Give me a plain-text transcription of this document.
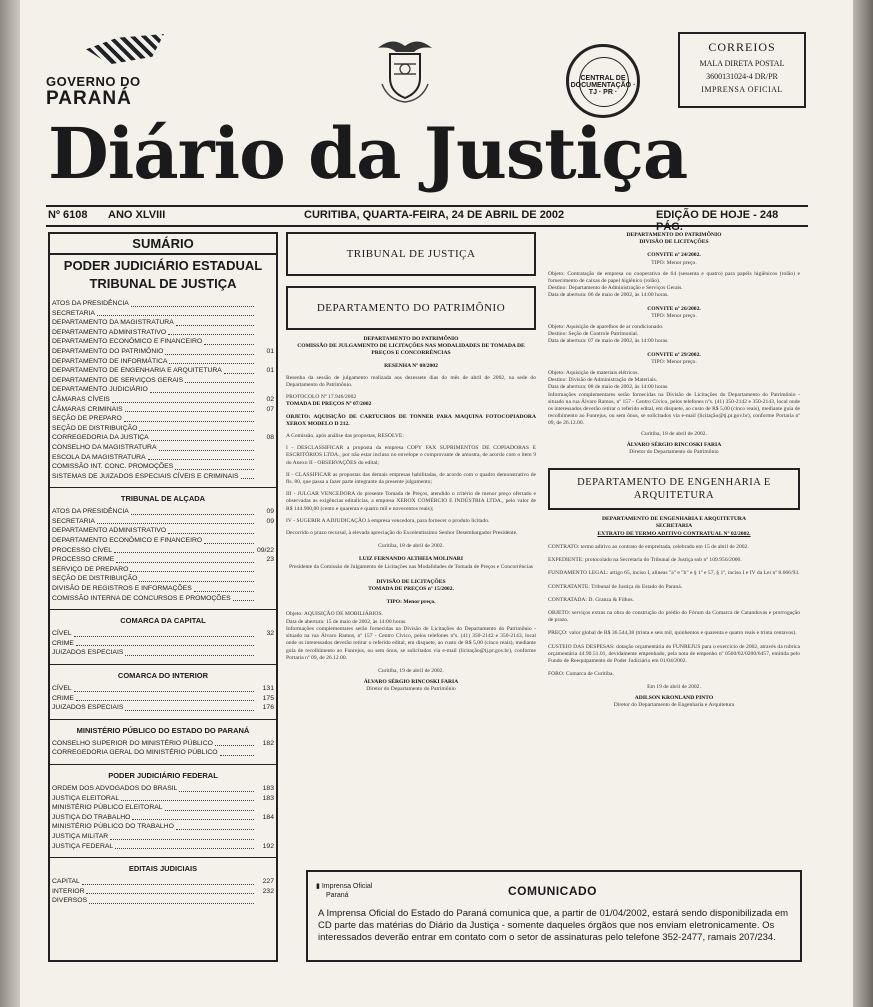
GOVERNO DO
PARANÁ
CENTRAL DE DOCUMENTAÇÃO · TJ · PR ·
CORREIOS
MALA DIRETA POSTAL
3600131024-4 DR/PR
IMPRENSA OFICIAL
Diário da Justiça
Nº 6108 ANO XLVIII	CURITIBA, QUARTA-FEIRA, 24 DE ABRIL DE 2002	EDIÇÃO DE HOJE - 248 PÁG.
SUMÁRIO
PODER JUDICIÁRIO ESTADUAL
TRIBUNAL DE JUSTIÇA
ATOS DA PRESIDÊNCIA
SECRETARIA
DEPARTAMENTO DA MAGISTRATURA
DEPARTAMENTO ADMINISTRATIVO
DEPARTAMENTO ECONÔMICO E FINANCEIRO
DEPARTAMENTO DO PATRIMÔNIO	01
DEPARTAMENTO DE INFORMÁTICA
DEPARTAMENTO DE ENGENHARIA E ARQUITETURA	01
DEPARTAMENTO DE SERVIÇOS GERAIS
DEPARTAMENTO JUDICIÁRIO
CÂMARAS CÍVEIS	02
CÂMARAS CRIMINAIS	07
SEÇÃO DE PREPARO
SEÇÃO DE DISTRIBUIÇÃO
CORREGEDORIA DA JUSTIÇA	08
CONSELHO DA MAGISTRATURA
ESCOLA DA MAGISTRATURA
COMISSÃO INT. CONC. PROMOÇÕES
SISTEMAS DE JUIZADOS ESPECIAIS CÍVEIS E CRIMINAIS
TRIBUNAL DE ALÇADA
ATOS DA PRESIDÊNCIA	09
SECRETARIA	09
DEPARTAMENTO ADMINISTRATIVO
DEPARTAMENTO ECONÔMICO E FINANCEIRO
PROCESSO CÍVEL	09/22
PROCESSO CRIME	23
SERVIÇO DE PREPARO
SEÇÃO DE DISTRIBUIÇÃO
DIVISÃO DE REGISTROS E INFORMAÇÕES
COMISSÃO INTERNA DE CONCURSOS E PROMOÇÕES
COMARCA DA CAPITAL
CÍVEL	32
CRIME
JUIZADOS ESPECIAIS
COMARCA DO INTERIOR
CÍVEL	131
CRIME	175
JUIZADOS ESPECIAIS	176
MINISTÉRIO PÚBLICO DO ESTADO DO PARANÁ
CONSELHO SUPERIOR DO MINISTÉRIO PÚBLICO	182
CORREGEDORIA GERAL DO MINISTÉRIO PÚBLICO
PODER JUDICIÁRIO FEDERAL
ORDEM DOS ADVOGADOS DO BRASIL	183
JUSTIÇA ELEITORAL	183
MINISTÉRIO PÚBLICO ELEITORAL
JUSTIÇA DO TRABALHO	184
MINISTÉRIO PÚBLICO DO TRABALHO
JUSTIÇA MILITAR
JUSTIÇA FEDERAL	192
EDITAIS JUDICIAIS
CAPITAL	227
INTERIOR	232
DIVERSOS
TRIBUNAL DE JUSTIÇA
DEPARTAMENTO DO PATRIMÔNIO
DEPARTAMENTO DO PATRIMÔNIO
COMISSÃO DE JULGAMENTO DE LICITAÇÕES NAS MODALIDADES DE TOMADA DE PREÇOS E CONCORRÊNCIAS
RESENHA Nº 08/2002
Resenha da sessão de julgamento realizada aos dezessete dias do mês de abril de 2002, na sede do Departamento do Patrimônio.
PROTOCOLO Nº 17.946/2002
TOMADA DE PREÇOS Nº 07/2002
OBJETO: AQUISIÇÃO DE CARTUCHOS DE TONNER PARA MAQUINA FOTOCOPIADORA XEROX MODELO D 212.
A Comissão, após análise das propostas, RESOLVE:
I - DESCLASSIFICAR a proposta da empresa COPY FAX SUPRIMENTOS DE COPIADORAS E ESCRITÓRIOS LTDA., por não estar incluso no envelope o comprovante de amostra, de acordo com o item 9 do Anexo II - OBSERVAÇÕES do edital;
II - CLASSIFICAR as propostas das demais empresas habilitadas, de acordo com o quadro demonstrativo de fls. 80, que passa a fazer parte integrante da presente julgamento;
III - JULGAR VENCEDORA do presente Tomada de Preços, atendido o critério de menor preço ofertado e observadas as exigências editalícias, a empresa XEROX COMÉRCIO E INDÚSTRIA LTDA., pelo valor de R$ 144.900,00 (cento e quarenta e quatro mil e novecentos reais);
IV - SUGERIR A ADJUDICAÇÃO à empresa vencedora, para fornecer o produto licitado.
Decorrido o prazo recursal, à elevada apreciação do Excelentíssimo Senhor Desembargador Presidente.
Curitiba, 18 de abril de 2002.
LUIZ FERNANDO ALTHEIA MOLINARI
Presidente da Comissão de Julgamento de Licitações nas Modalidades de Tomada de Preços e Concorrências
DIVISÃO DE LICITAÇÕES
TOMADA DE PREÇOS nº 15/2002.
TIPO: Menor preço.
Objeto: AQUISIÇÃO DE MOBILIÁRIOS.
Data de abertura: 15 de maio de 2002, às 14:00 horas.
Informações complementares serão fornecidas na Divisão de Licitações do Departamento do Patrimônio - situado na rua Álvaro Ramos, nº 157 - Centro Cívico, pelos telefones nºs. (41) 350-2142 e 350-2143, local onde os interessados deverão retirar o referido edital, em disquete, ao custo de R$ 5,00 (cinco reais), mediante guia de recolhimento ao Funrejus, ou sem ônus, se solicitados via e-mail (licitação@tj.pr.gov.br), conforme Portaria nº 09, de 26.12.00.
Curitiba, 19 de abril de 2002.
ÁLVARO SÉRGIO RINCOSKI FARIA
Diretor do Departamento do Patrimônio
DEPARTAMENTO DO PATRIMÔNIO
DIVISÃO DE LICITAÇÕES
CONVITE nº 24/2002.
TIPO: Menor preço.
Objeto: Contratação de empresa ou cooperativa de 64 (sessenta e quatro) para papéis higiênicos (rolão) e fornecimento de caixas de papel higiênico (rolão).
Destino: Departamento de Administração e Serviços Gerais.
Data de abertura: 06 de maio de 2002, às 14:00 horas.
CONVITE nº 26/2002.
TIPO: Menor preço.
Objeto: Aquisição de aparelhos de ar condicionado.
Destino: Seção de Controle Patrimonial.
Data de abertura: 07 de maio de 2002, às 14:00 horas.
CONVITE nº 29/2002.
TIPO: Menor preço.
Objeto: Aquisição de materiais elétricos.
Destino: Divisão de Administração de Materiais.
Data de abertura: 08 de maio de 2002, às 14:00 horas.
Informações complementares serão fornecidas na Divisão de Licitações do Departamento do Patrimônio - situado na rua Álvaro Ramos, nº 157 - Centro Cívico, pelos telefones nºs. (41) 350-2142 e 350-2143, local onde os interessados deverão retirar o referido edital, em disquete, ao custo de R$ 5,00 (cinco reais), mediante guia de recolhimento ao Funrejus, ou sem ônus, se solicitados via e-mail (licitação@tj.pr.gov.br), conforme Portaria nº 09, de 26.12.00.
Curitiba, 18 de abril de 2002.
ÁLVARO SÉRGIO RINCOSKI FARIA
Diretor do Departamento do Patrimônio
DEPARTAMENTO DE ENGENHARIA E ARQUITETURA
DEPARTAMENTO DE ENGENHARIA E ARQUITETURA
SECRETARIA
EXTRATO DE TERMO ADITIVO CONTRATUAL Nº 02/2002.
CONTRATO: termo aditivo ao contrato de empreitada, celebrado em 15 de abril de 2002.
EXPEDIENTE: protocolado na Secretaria do Tribunal de Justiça sob nº 109.956/2000.
FUNDAMENTO LEGAL: artigo 65, inciso I, alíneas "a" e "b" e § 1º e 57, § 1º, inciso I e IV da Lei nº 8.666/93.
CONTRATANTE: Tribunal de Justiça do Estado do Paraná.
CONTRATADA: D. Granza & Filhos.
OBJETO: serviços extras na obra de construção do prédio do Fórum da Comarca de Catanduvas e prorrogação de prazo.
PREÇO: valor global de R$ 36.544,38 (trinta e seis mil, quinhentos e quarenta e quatro reais e trinta centavos).
CUSTEIO DAS DESPESAS: dotação orçamentária do FUNREJUS para o exercício de 2002, através da rubrica orçamentária 44.90.51.01, devidamente empenhado, pela nota de empenho nº 0560/02/0200/6457, emitida pelo Fundo de Reequipamento do Poder Judiciário em 01/04/2002.
FORO: Comarca de Curitiba.
Em 19 de abril de 2002.
ADILSON KRONLAND PINTO
Diretor do Departamento de Engenharia e Arquitetura
▮ Imprensa Oficial
Paraná	COMUNICADO
A Imprensa Oficial do Estado do Paraná comunica que, a partir de 01/04/2002, estará sendo disponibilizada em CD parte das matérias do Diário da Justiça - somente daqueles órgãos que nos enviam eletronicamente. Os interessados deverão entrar em contato com o setor de assinaturas pelo telefone 352-2477, ramais 207/234.
